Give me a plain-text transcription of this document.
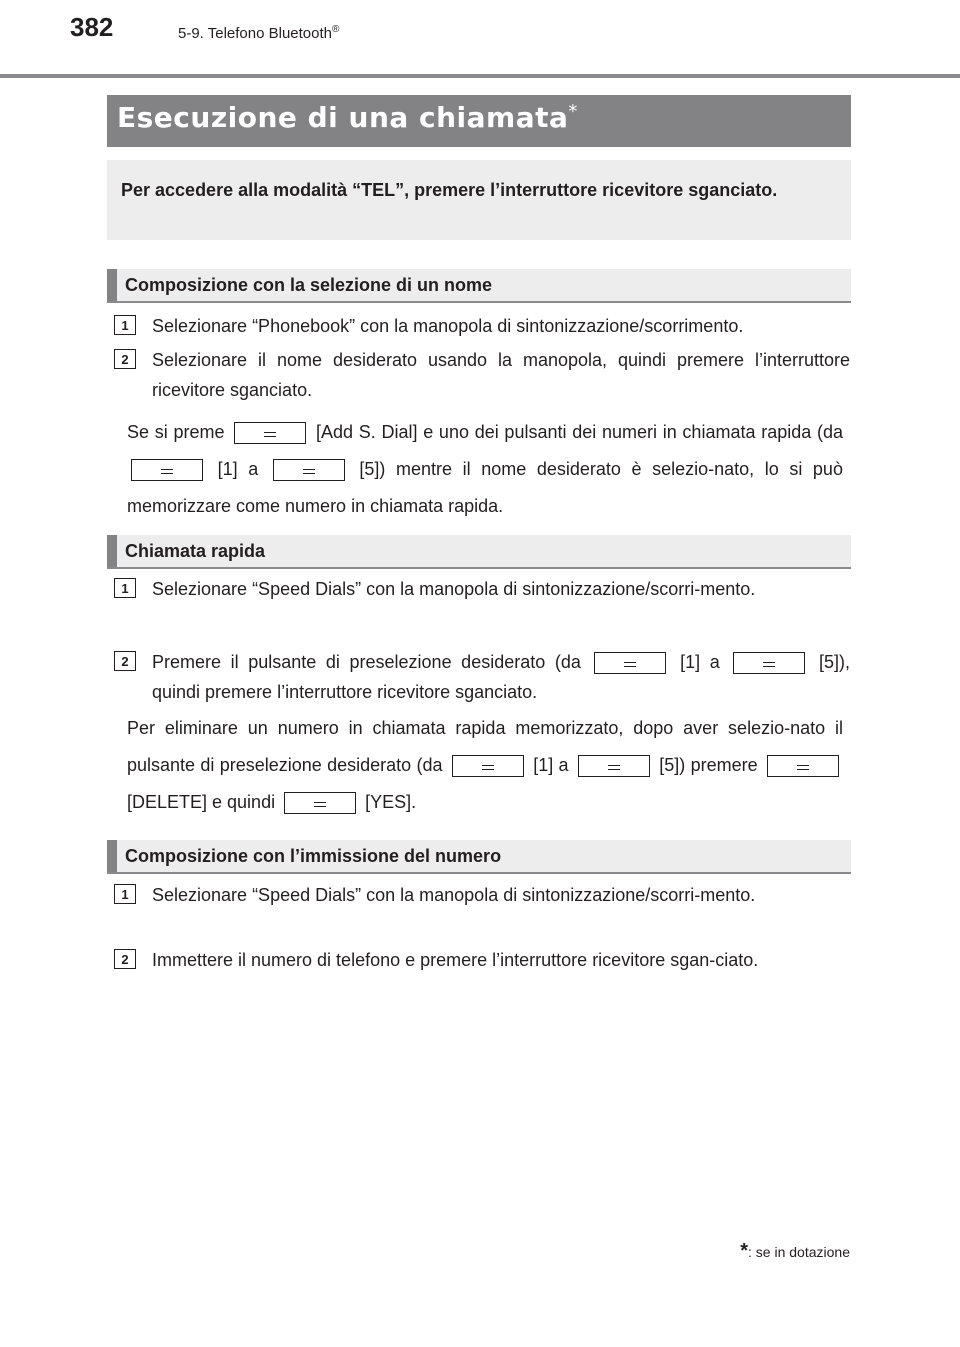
382	5-9. Telefono Bluetooth®
Esecuzione di una chiamata*
Per accedere alla modalità “TEL”, premere l’interruttore ricevitore sganciato.
Composizione con la selezione di un nome
1	Selezionare “Phonebook” con la manopola di sintonizzazione/scorrimento.
2	Selezionare il nome desiderato usando la manopola, quindi premere l’interruttore ricevitore sganciato.
Se si preme	[Add S. Dial] e uno dei pulsanti dei numeri in chiamata rapida (da  [1] a	[5]) mentre il nome desiderato è selezio-nato, lo si può memorizzare come numero in chiamata rapida.
Chiamata rapida
1	Selezionare “Speed Dials” con la manopola di sintonizzazione/scorri-mento.
2	Premere il pulsante di preselezione desiderato (da	[1] a	[5]), quindi premere l’interruttore ricevitore sganciato.
Per eliminare un numero in chiamata rapida memorizzato, dopo aver selezio-nato il pulsante di preselezione desiderato (da	[1] a	[5]) premere  [DELETE] e quindi	[YES].
Composizione con l’immissione del numero
1	Selezionare “Speed Dials” con la manopola di sintonizzazione/scorri-mento.
2	Immettere il numero di telefono e premere l’interruttore ricevitore sgan-ciato.
*: se in dotazione
